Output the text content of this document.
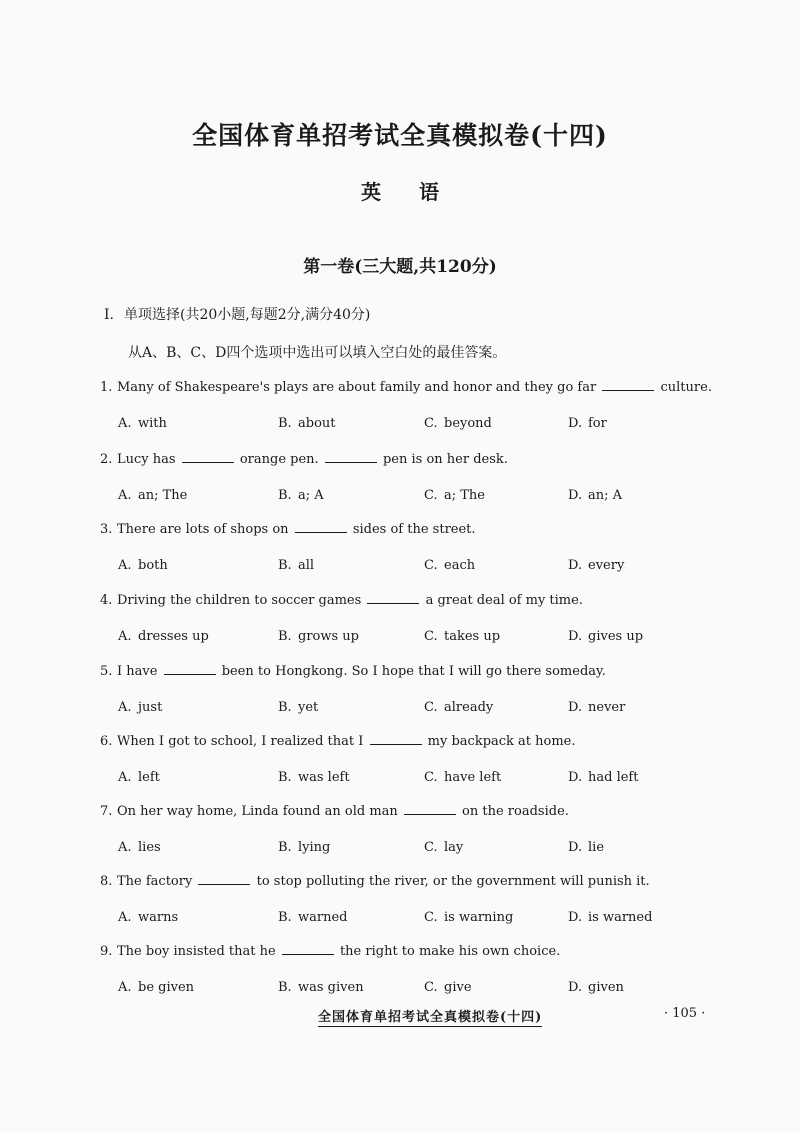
全国体育单招考试全真模拟卷(十四)
英语
第一卷(三大题,共120分)
Ⅰ. 单项选择(共20小题,每题2分,满分40分)
从A、B、C、D四个选项中选出可以填入空白处的最佳答案。
1. Many of Shakespeare's plays are about family and honor and they go far	culture.
A. with	B. about	C. beyond	D. for
2. Lucy has	orange pen.	pen is on her desk.
A. an; The	B. a; A	C. a; The	D. an; A
3. There are lots of shops on	sides of the street.
A. both	B. all	C. each	D. every
4. Driving the children to soccer games	a great deal of my time.
A. dresses up	B. grows up	C. takes up	D. gives up
5. I have	been to Hongkong. So I hope that I will go there someday.
A. just	B. yet	C. already	D. never
6. When I got to school, I realized that I	my backpack at home.
A. left	B. was left	C. have left	D. had left
7. On her way home, Linda found an old man	on the roadside.
A. lies	B. lying	C. lay	D. lie
8. The factory	to stop polluting the river, or the government will punish it.
A. warns	B. warned	C. is warning	D. is warned
9. The boy insisted that he	the right to make his own choice.
A. be given	B. was given	C. give	D. given
全国体育单招考试全真模拟卷(十四)	· 105 ·
